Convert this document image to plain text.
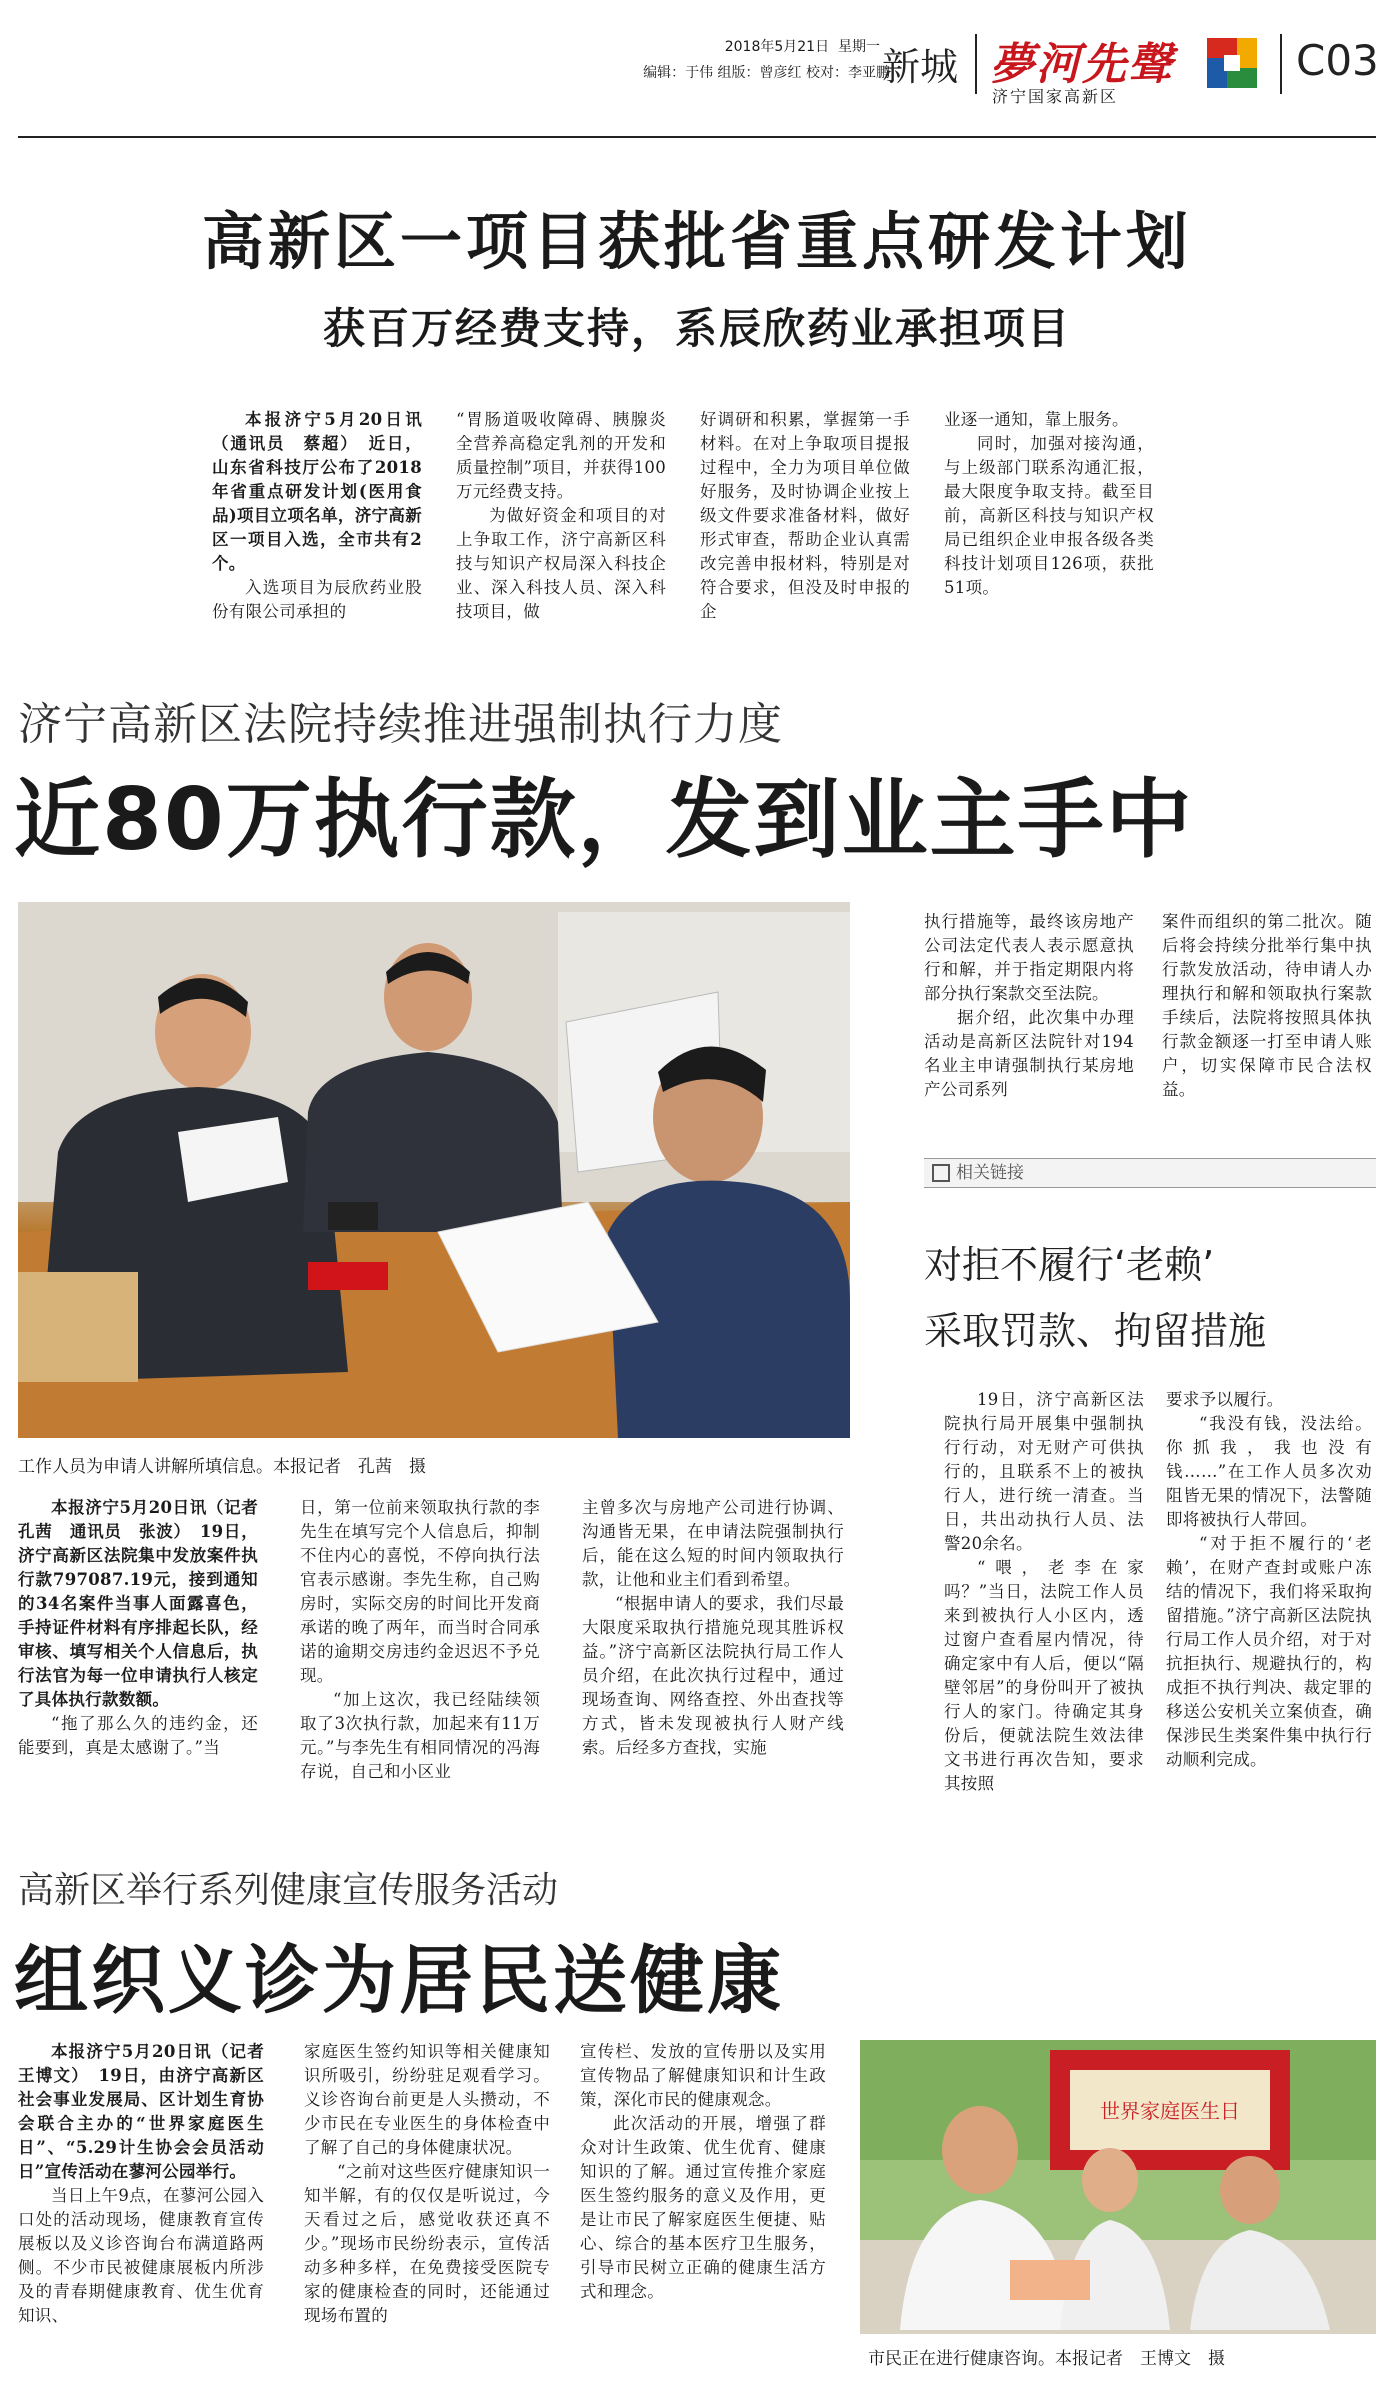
2018年5月21日 星期一
编辑：于伟 组版：曾彦红 校对：李亚鹏
新城 夢河先聲
济宁国家高新区
C03
高新区一项目获批省重点研发计划
获百万经费支持，系辰欣药业承担项目

本报济宁5月20日讯（通讯员　蔡超）　近日，山东省科技厅公布了2018年省重点研发计划(医用食品)项目立项名单，济宁高新区一项目入选，全市共有2个。

入选项目为辰欣药业股份有限公司承担的

“胃肠道吸收障碍、胰腺炎全营养高稳定乳剂的开发和质量控制”项目，并获得100万元经费支持。

为做好资金和项目的对上争取工作，济宁高新区科技与知识产权局深入科技企业、深入科技人员、深入科技项目，做

好调研和积累，掌握第一手材料。在对上争取项目提报过程中，全力为项目单位做好服务，及时协调企业按上级文件要求准备材料，做好形式审查，帮助企业认真需改完善申报材料，特别是对符合要求，但没及时申报的企

业逐一通知，靠上服务。

同时，加强对接沟通，与上级部门联系沟通汇报，最大限度争取支持。截至目前，高新区科技与知识产权局已组织企业申报各级各类科技计划项目126项，获批51项。

济宁高新区法院持续推进强制执行力度
近80万执行款，发到业主手中
工作人员为申请人讲解所填信息。本报记者　孔茜　摄

执行措施等，最终该房地产公司法定代表人表示愿意执行和解，并于指定期限内将部分执行案款交至法院。

据介绍，此次集中办理活动是高新区法院针对194名业主申请强制执行某房地产公司系列

案件而组织的第二批次。随后将会持续分批举行集中执行款发放活动，待申请人办理执行和解和领取执行案款手续后，法院将按照具体执行款金额逐一打至申请人账户，切实保障市民合法权益。

相关链接
对拒不履行‘老赖’
采取罚款、拘留措施

19日，济宁高新区法院执行局开展集中强制执行行动，对无财产可供执行的，且联系不上的被执行人，进行统一清查。当日，共出动执行人员、法警20余名。

“喂，老李在家吗？”当日，法院工作人员来到被执行人小区内，透过窗户查看屋内情况，待确定家中有人后，便以“隔壁邻居”的身份叫开了被执行人的家门。待确定其身份后，便就法院生效法律文书进行再次告知，要求其按照

要求予以履行。

“我没有钱，没法给。你抓我，我也没有钱……”在工作人员多次劝阻皆无果的情况下，法警随即将被执行人带回。

“对于拒不履行的‘老赖’，在财产查封或账户冻结的情况下，我们将采取拘留措施。”济宁高新区法院执行局工作人员介绍，对于对抗拒执行、规避执行的，构成拒不执行判决、裁定罪的移送公安机关立案侦查，确保涉民生类案件集中执行行动顺利完成。

本报济宁5月20日讯（记者　孔茜　通讯员　张波）　19日，济宁高新区法院集中发放案件执行款797087.19元，接到通知的34名案件当事人面露喜色，手持证件材料有序排起长队，经审核、填写相关个人信息后，执行法官为每一位申请执行人核定了具体执行款数额。

“拖了那么久的违约金，还能要到，真是太感谢了。”当

日，第一位前来领取执行款的李先生在填写完个人信息后，抑制不住内心的喜悦，不停向执行法官表示感谢。李先生称，自己购房时，实际交房的时间比开发商承诺的晚了两年，而当时合同承诺的逾期交房违约金迟迟不予兑现。

“加上这次，我已经陆续领取了3次执行款，加起来有11万元。”与李先生有相同情况的冯海存说，自己和小区业

主曾多次与房地产公司进行协调、沟通皆无果，在申请法院强制执行后，能在这么短的时间内领取执行款，让他和业主们看到希望。

“根据申请人的要求，我们尽最大限度采取执行措施兑现其胜诉权益。”济宁高新区法院执行局工作人员介绍，在此次执行过程中，通过现场查询、网络查控、外出查找等方式，皆未发现被执行人财产线索。后经多方查找，实施

高新区举行系列健康宣传服务活动
组织义诊为居民送健康

本报济宁5月20日讯（记者　王博文）　19日，由济宁高新区社会事业发展局、区计划生育协会联合主办的“世界家庭医生日”、“5.29计生协会会员活动日”宣传活动在蓼河公园举行。

当日上午9点，在蓼河公园入口处的活动现场，健康教育宣传展板以及义诊咨询台布满道路两侧。不少市民被健康展板内所涉及的青春期健康教育、优生优育知识、

家庭医生签约知识等相关健康知识所吸引，纷纷驻足观看学习。义诊咨询台前更是人头攒动，不少市民在专业医生的身体检查中了解了自己的身体健康状况。

“之前对这些医疗健康知识一知半解，有的仅仅是听说过，今天看过之后，感觉收获还真不少。”现场市民纷纷表示，宣传活动多种多样，在免费接受医院专家的健康检查的同时，还能通过现场布置的

宣传栏、发放的宣传册以及实用宣传物品了解健康知识和计生政策，深化市民的健康观念。

此次活动的开展，增强了群众对计生政策、优生优育、健康知识的了解。通过宣传推介家庭医生签约服务的意义及作用，更是让市民了解家庭医生便捷、贴心、综合的基本医疗卫生服务，引导市民树立正确的健康生活方式和理念。

世界家庭医生日
市民正在进行健康咨询。本报记者　王博文　摄
